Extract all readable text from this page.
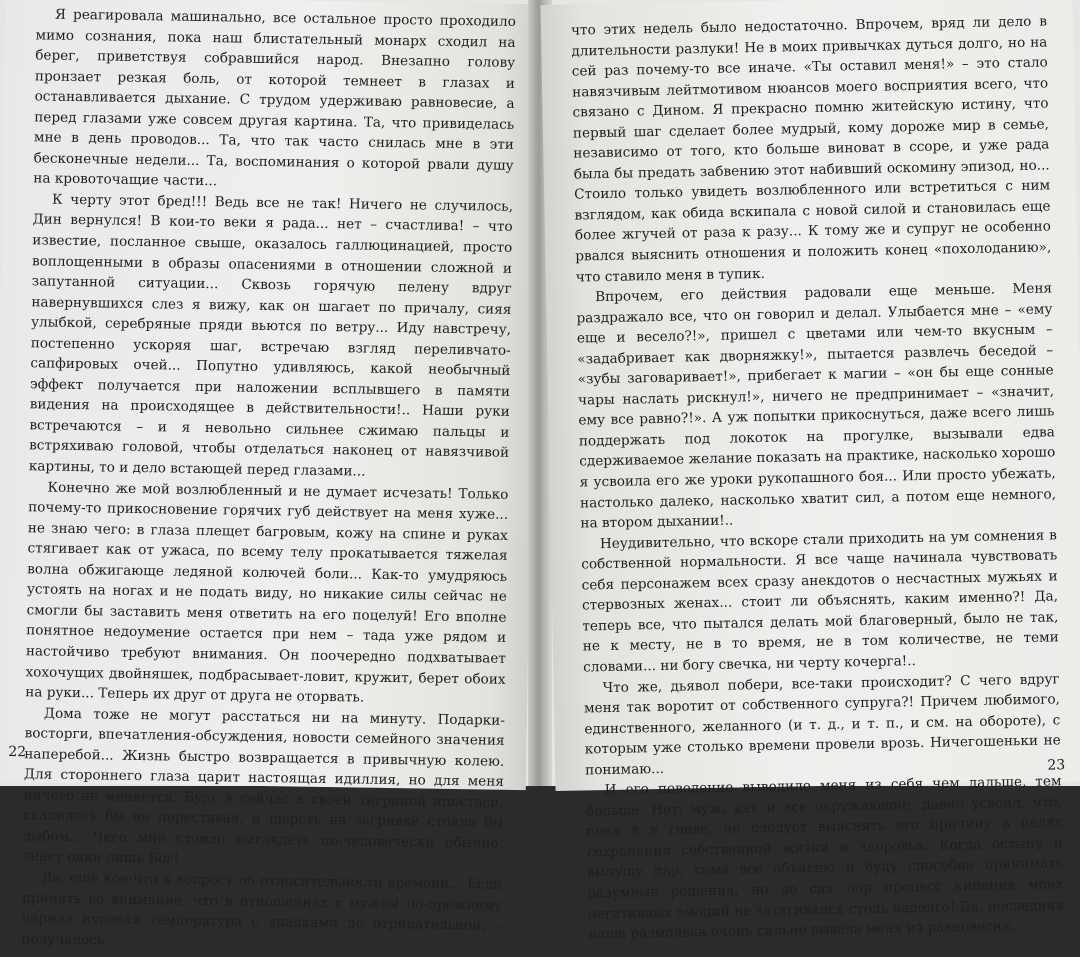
Я реагировала машинально, все остальное просто проходило мимо сознания, пока наш блистательный монарх сходил на берег, приветствуя собравшийся народ. Внезапно голову пронзает резкая боль, от которой темнеет в глазах и останавливается дыхание. С трудом удерживаю равновесие, а перед глазами уже совсем другая картина. Та, что привиделась мне в день проводов... Та, что так часто снилась мне в эти бесконечные недели... Та, воспоминания о которой рвали душу на кровоточащие части...

К черту этот бред!!! Ведь все не так! Ничего не случилось, Дин вернулся! В кои-то веки я рада... нет – счастлива! – что известие, посланное свыше, оказалось галлюцинацией, просто воплощенными в образы опасениями в отношении сложной и запутанной ситуации... Сквозь горячую пелену вдруг навернувшихся слез я вижу, как он шагает по причалу, сияя улыбкой, серебряные пряди вьются по ветру... Иду навстречу, постепенно ускоряя шаг, встречаю взгляд переливчато-сапфировых очей... Попутно удивляюсь, какой необычный эффект получается при наложении всплывшего в памяти видения на происходящее в действительности!.. Наши руки встречаются – и я невольно сильнее сжимаю пальцы и встряхиваю головой, чтобы отделаться наконец от навязчивой картины, то и дело встающей перед глазами...

Конечно же мой возлюбленный и не думает исчезать! Только почему-то прикосновение горячих губ действует на меня хуже... не знаю чего: в глаза плещет багровым, кожу на спине и руках стягивает как от ужаса, по всему телу прокатывается тяжелая волна обжигающе ледяной колючей боли... Как-то умудряюсь устоять на ногах и не подать виду, но никакие силы сейчас не смогли бы заставить меня ответить на его поцелуй! Его вполне понятное недоумение остается при нем – тада уже рядом и настойчиво требуют внимания. Он поочередно подхватывает хохочущих двойняшек, подбрасывает-ловит, кружит, берет обоих на руки... Теперь их друг от друга не оторвать.

Дома тоже не могут расстаться ни на минуту. Подарки-восторги, впечатления-обсуждения, новости семейного значения наперебой... Жизнь быстро возвращается в привычную колею. Для стороннего глаза царит настоящая идиллия, но для меня ничего не меняется. Будь я сейчас в своей тигриной ипостаси, скалилась бы не переставая, и шерсть на загривке стояла бы дыбом... Чего мне стоило выглядеть по-человечески обычно, знает один лишь Бог!

Да, еще кое-что к вопросу об относительности времени... Если принять во внимание, что в отношениях с мужем по-прежнему царила нулевая температура с упадками до отрицательной, – получалось,

22

что этих недель было недостаточно. Впрочем, вряд ли дело в длительности разлуки! Не в моих привычках дуться долго, но на сей раз почему-то все иначе. «Ты оставил меня!» – это стало навязчивым лейтмотивом нюансов моего восприятия всего, что связано с Дином. Я прекрасно помню житейскую истину, что первый шаг сделает более мудрый, кому дороже мир в семье, независимо от того, кто больше виноват в ссоре, и уже рада была бы предать забвению этот набивший оскомину эпизод, но... Стоило только увидеть возлюбленного или встретиться с ним взглядом, как обида вскипала с новой силой и становилась еще более жгучей от раза к разу... К тому же и супруг не особенно рвался выяснить отношения и положить конец «похолоданию», что ставило меня в тупик.

Впрочем, его действия радовали еще меньше. Меня раздражало все, что он говорил и делал. Улыбается мне – «ему еще и весело?!», пришел с цветами или чем-то вкусным – «задабривает как дворняжку!», пытается развлечь беседой – «зубы заговаривает!», прибегает к магии – «он бы еще сонные чары наслать рискнул!», ничего не предпринимает – «значит, ему все равно?!». А уж попытки прикоснуться, даже всего лишь поддержать под локоток на прогулке, вызывали едва сдерживаемое желание показать на практике, насколько хорошо я усвоила его же уроки рукопашного боя... Или просто убежать, настолько далеко, насколько хватит сил, а потом еще немного, на втором дыхании!..

Неудивительно, что вскоре стали приходить на ум сомнения в собственной нормальности. Я все чаще начинала чувствовать себя персонажем всех сразу анекдотов о несчастных мужьях и стервозных женах... стоит ли объяснять, каким именно?! Да, теперь все, что пытался делать мой благоверный, было не так, не к месту, не в то время, не в том количестве, не теми словами... ни богу свечка, ни черту кочерга!..

Что же, дьявол побери, все-таки происходит? С чего вдруг меня так воротит от собственного супруга?! Причем любимого, единственного, желанного (и т. д., и т. п., и см. на обороте), с которым уже столько времени провели врозь. Ничегошеньки не понимаю...

И его поведение выводило меня из себя чем дальше, тем больше. Нет, муж, как и все окружающие, давно усвоил, что, пока я в гневе, не следует выяснять его причину в целях сохранения собственной жизни и здоровья. Когда остыну и выпущу пар, сама все объясню и буду способна принимать разумные решения, но до сих пор процесс кипения моих негативных эмоций не затягивался столь надолго! Да, последняя наша размолвка очень сильно вывела меня из равновесия,

23
